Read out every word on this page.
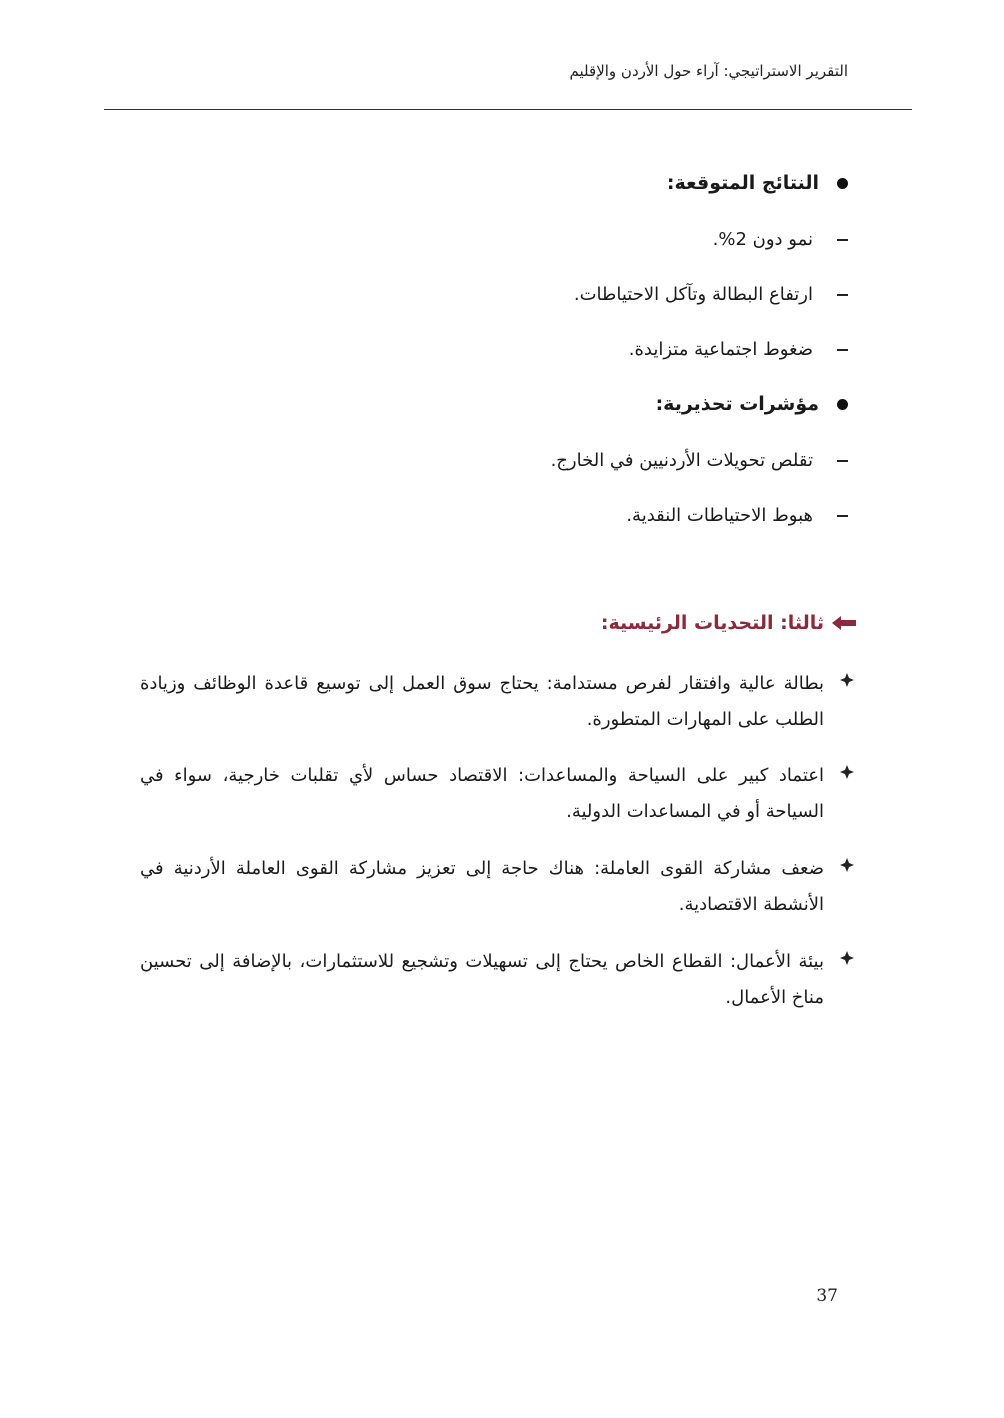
التقرير الاستراتيجي: آراء حول الأردن والإقليم
النتائج المتوقعة:
نمو دون 2%.
ارتفاع البطالة وتآكل الاحتياطات.
ضغوط اجتماعية متزايدة.
مؤشرات تحذيرية:
تقلص تحويلات الأردنيين في الخارج.
هبوط الاحتياطات النقدية.
ثالثا: التحديات الرئيسية:
بطالة عالية وافتقار لفرص مستدامة: يحتاج سوق العمل إلى توسيع قاعدة الوظائف وزيادة الطلب على المهارات المتطورة.
اعتماد كبير على السياحة والمساعدات: الاقتصاد حساس لأي تقلبات خارجية، سواء في السياحة أو في المساعدات الدولية.
ضعف مشاركة القوى العاملة: هناك حاجة إلى تعزيز مشاركة القوى العاملة الأردنية في الأنشطة الاقتصادية.
بيئة الأعمال: القطاع الخاص يحتاج إلى تسهيلات وتشجيع للاستثمارات، بالإضافة إلى تحسين مناخ الأعمال.
37
